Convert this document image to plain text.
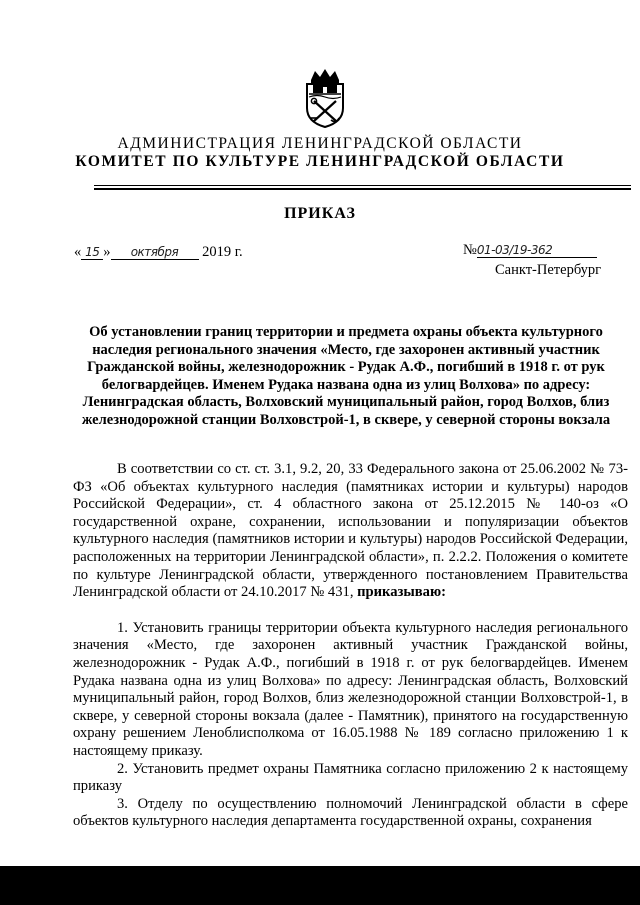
АДМИНИСТРАЦИЯ ЛЕНИНГРАДСКОЙ ОБЛАСТИ
КОМИТЕТ ПО КУЛЬТУРЕ ЛЕНИНГРАДСКОЙ ОБЛАСТИ
ПРИКАЗ
« 15 » октября 2019 г.	№01-03/19-362
Санкт-Петербург
Об установлении границ территории и предмета охраны объекта культурного наследия регионального значения «Место, где захоронен активный участник Гражданской войны, железнодорожник - Рудак А.Ф., погибший в 1918 г. от рук белогвардейцев. Именем Рудака названа одна из улиц Волхова» по адресу: Ленинградская область, Волховский муниципальный район, город Волхов, близ железнодорожной станции Волховстрой-1, в сквере, у северной стороны вокзала

В соответствии со ст. ст. 3.1, 9.2, 20, 33 Федерального закона от 25.06.2002 № 73-ФЗ «Об объектах культурного наследия (памятниках истории и культуры) народов Российской Федерации», ст. 4 областного закона от 25.12.2015 № 140-оз «О государственной охране, сохранении, использовании и популяризации объектов культурного наследия (памятников истории и культуры) народов Российской Федерации, расположенных на территории Ленинградской области», п. 2.2.2. Положения о комитете по культуре Ленинградской области, утвержденного постановлением Правительства Ленинградской области от 24.10.2017 № 431, приказываю:

1. Установить границы территории объекта культурного наследия регионального значения «Место, где захоронен активный участник Гражданской войны, железнодорожник - Рудак А.Ф., погибший в 1918 г. от рук белогвардейцев. Именем Рудака названа одна из улиц Волхова» по адресу: Ленинградская область, Волховский муниципальный район, город Волхов, близ железнодорожной станции Волховстрой-1, в сквере, у северной стороны вокзала (далее - Памятник), принятого на государственную охрану решением Леноблисполкома от 16.05.1988 № 189 согласно приложению 1 к настоящему приказу.

2. Установить предмет охраны Памятника согласно приложению 2 к настоящему приказу

3. Отделу по осуществлению полномочий Ленинградской области в сфере объектов культурного наследия департамента государственной охраны, сохранения
